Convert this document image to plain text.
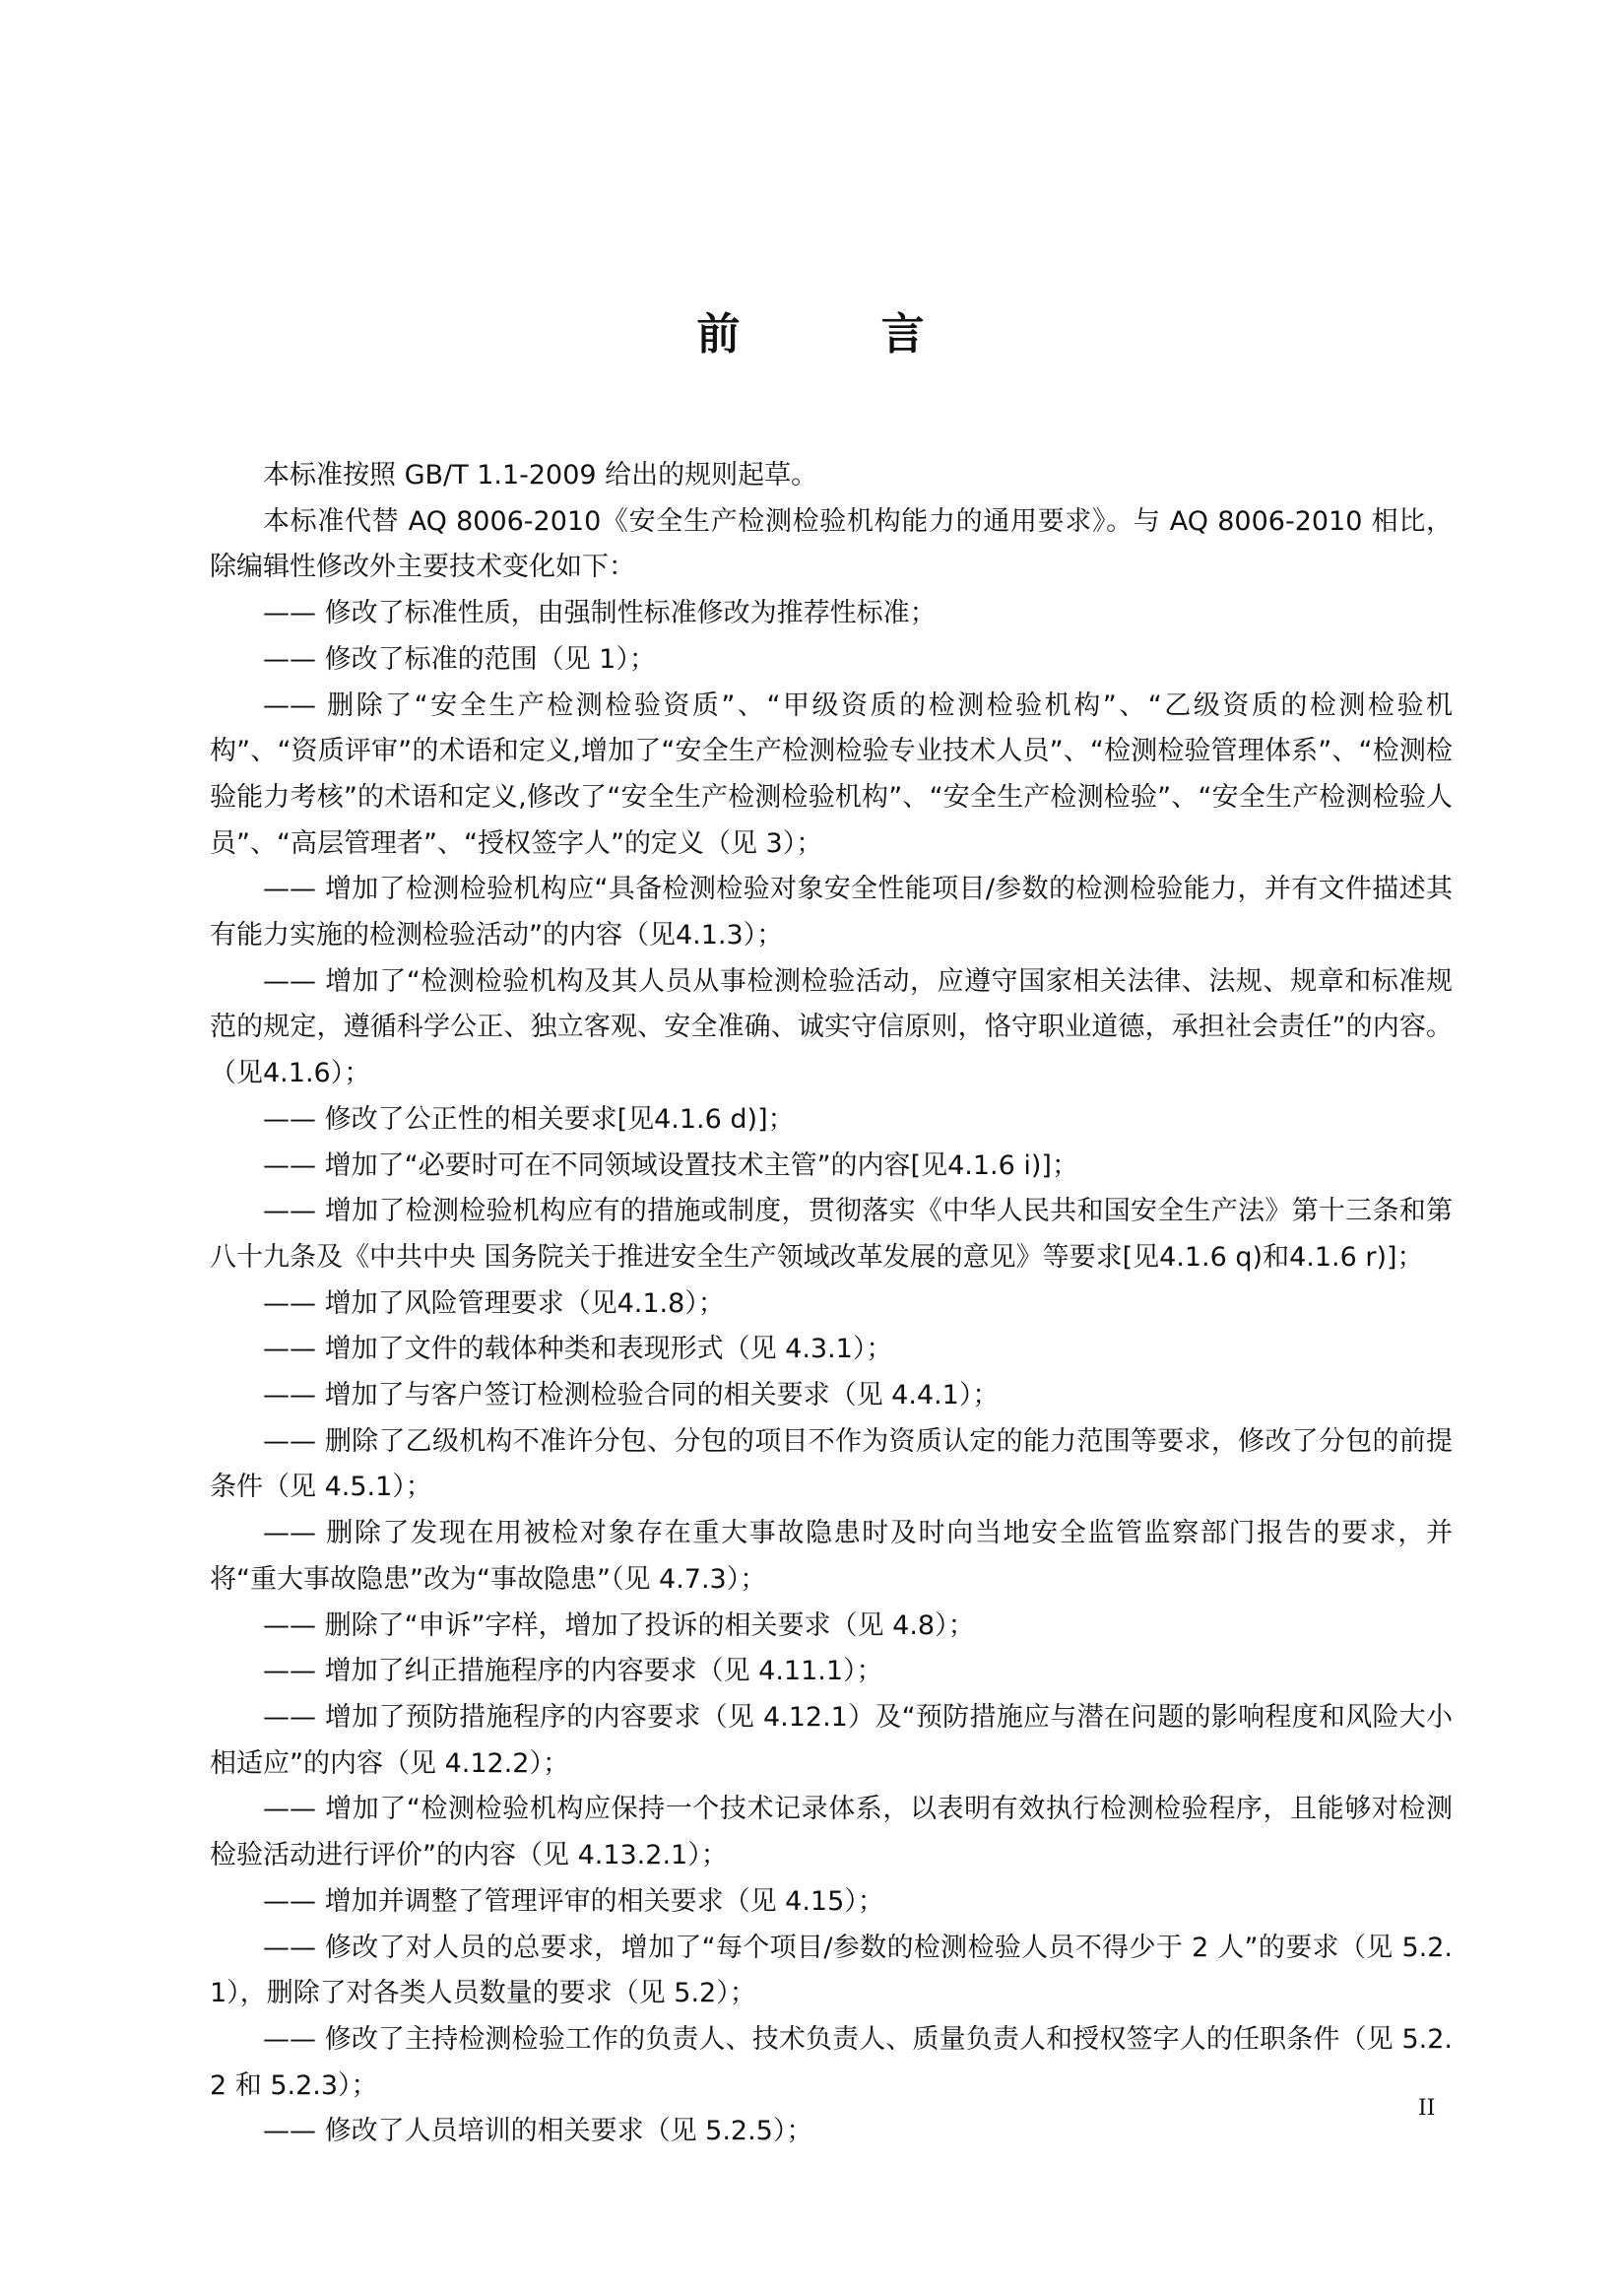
前 言

本标准按照 GB/T 1.1-2009 给出的规则起草。

本标准代替 AQ 8006-2010《安全生产检测检验机构能力的通用要求》。与 AQ 8006-2010 相比，除编辑性修改外主要技术变化如下：

—— 修改了标准性质，由强制性标准修改为推荐性标准；

—— 修改了标准的范围（见 1）；

—— 删除了“安全生产检测检验资质”、“甲级资质的检测检验机构”、“乙级资质的检测检验机构”、“资质评审”的术语和定义,增加了“安全生产检测检验专业技术人员”、“检测检验管理体系”、“检测检验能力考核”的术语和定义,修改了“安全生产检测检验机构”、“安全生产检测检验”、“安全生产检测检验人员”、“高层管理者”、“授权签字人”的定义（见 3）；

—— 增加了检测检验机构应“具备检测检验对象安全性能项目/参数的检测检验能力，并有文件描述其有能力实施的检测检验活动”的内容（见4.1.3）；

—— 增加了“检测检验机构及其人员从事检测检验活动，应遵守国家相关法律、法规、规章和标准规范的规定，遵循科学公正、独立客观、安全准确、诚实守信原则，恪守职业道德，承担社会责任”的内容。（见4.1.6）；

—— 修改了公正性的相关要求[见4.1.6 d)]；

—— 增加了“必要时可在不同领域设置技术主管”的内容[见4.1.6 i)]；

—— 增加了检测检验机构应有的措施或制度，贯彻落实《中华人民共和国安全生产法》第十三条和第八十九条及《中共中央 国务院关于推进安全生产领域改革发展的意见》等要求[见4.1.6 q)和4.1.6 r)]；

—— 增加了风险管理要求（见4.1.8）；

—— 增加了文件的载体种类和表现形式（见 4.3.1）；

—— 增加了与客户签订检测检验合同的相关要求（见 4.4.1）；

—— 删除了乙级机构不准许分包、分包的项目不作为资质认定的能力范围等要求，修改了分包的前提条件（见 4.5.1）；

—— 删除了发现在用被检对象存在重大事故隐患时及时向当地安全监管监察部门报告的要求，并将“重大事故隐患”改为“事故隐患”（见 4.7.3）；

—— 删除了“申诉”字样，增加了投诉的相关要求（见 4.8）；

—— 增加了纠正措施程序的内容要求（见 4.11.1）；

—— 增加了预防措施程序的内容要求（见 4.12.1）及“预防措施应与潜在问题的影响程度和风险大小相适应”的内容（见 4.12.2）；

—— 增加了“检测检验机构应保持一个技术记录体系，以表明有效执行检测检验程序，且能够对检测检验活动进行评价”的内容（见 4.13.2.1）；

—— 增加并调整了管理评审的相关要求（见 4.15）；

—— 修改了对人员的总要求，增加了“每个项目/参数的检测检验人员不得少于 2 人”的要求（见 5.2.1），删除了对各类人员数量的要求（见 5.2）；

—— 修改了主持检测检验工作的负责人、技术负责人、质量负责人和授权签字人的任职条件（见 5.2.2 和 5.2.3）；

—— 修改了人员培训的相关要求（见 5.2.5）；

II
